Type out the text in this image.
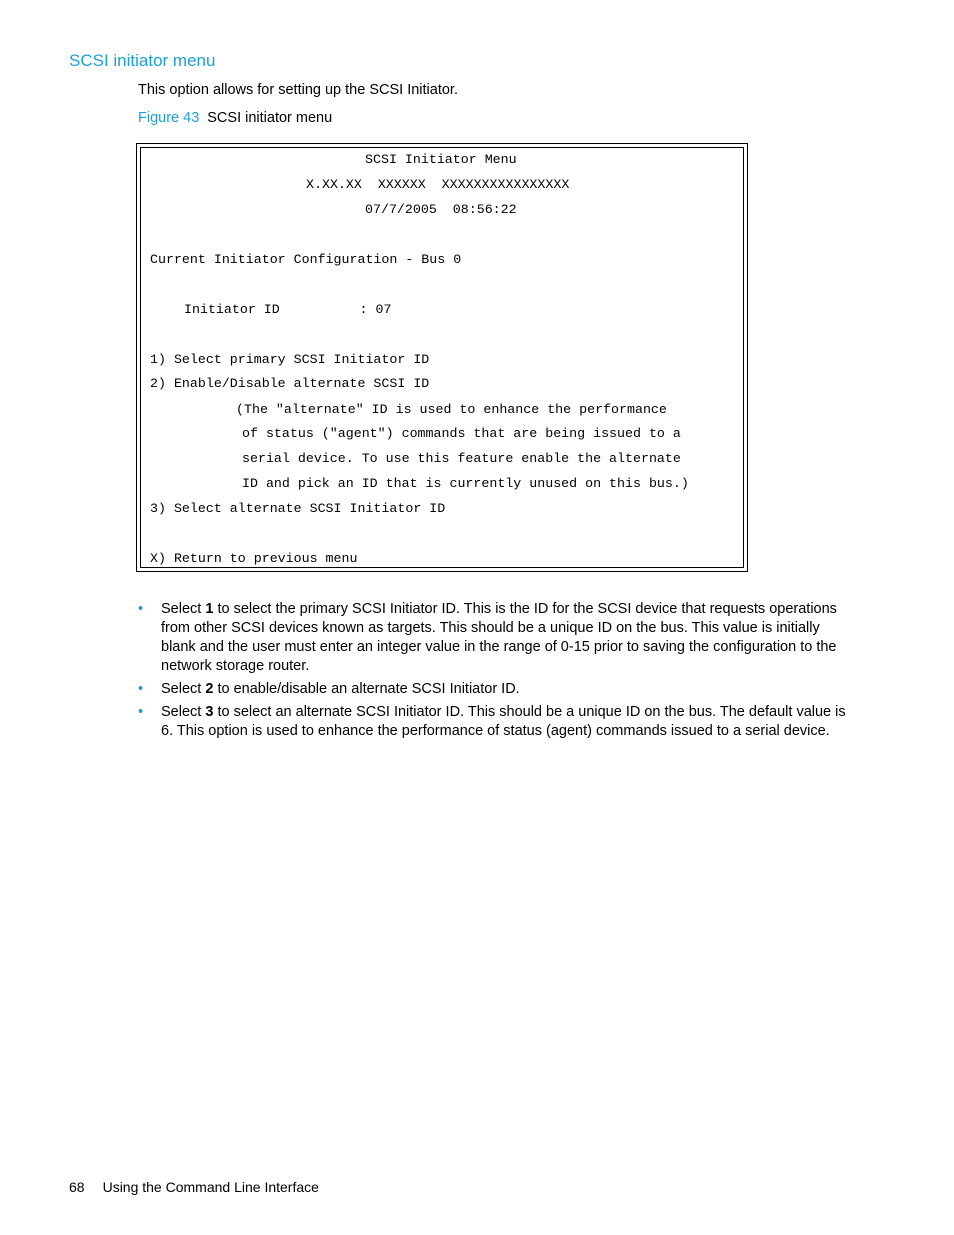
SCSI initiator menu
This option allows for setting up the SCSI Initiator.
Figure 43 SCSI initiator menu
SCSI Initiator Menu
X.XX.XX  XXXXXX  XXXXXXXXXXXXXXXX
07/7/2005  08:56:22
Current Initiator Configuration - Bus 0
Initiator ID          : 07
1) Select primary SCSI Initiator ID
2) Enable/Disable alternate SCSI ID
(The "alternate" ID is used to enhance the performance
of status ("agent") commands that are being issued to a
serial device. To use this feature enable the alternate
ID and pick an ID that is currently unused on this bus.)
3) Select alternate SCSI Initiator ID
X) Return to previous menu
• Select 1 to select the primary SCSI Initiator ID. This is the ID for the SCSI device that requests operations from other SCSI devices known as targets. This should be a unique ID on the bus. This value is initially blank and the user must enter an integer value in the range of 0-15 prior to saving the configuration to the network storage router.
• Select 2 to enable/disable an alternate SCSI Initiator ID.
• Select 3 to select an alternate SCSI Initiator ID. This should be a unique ID on the bus. The default value is 6. This option is used to enhance the performance of status (agent) commands issued to a serial device.
68 Using the Command Line Interface
